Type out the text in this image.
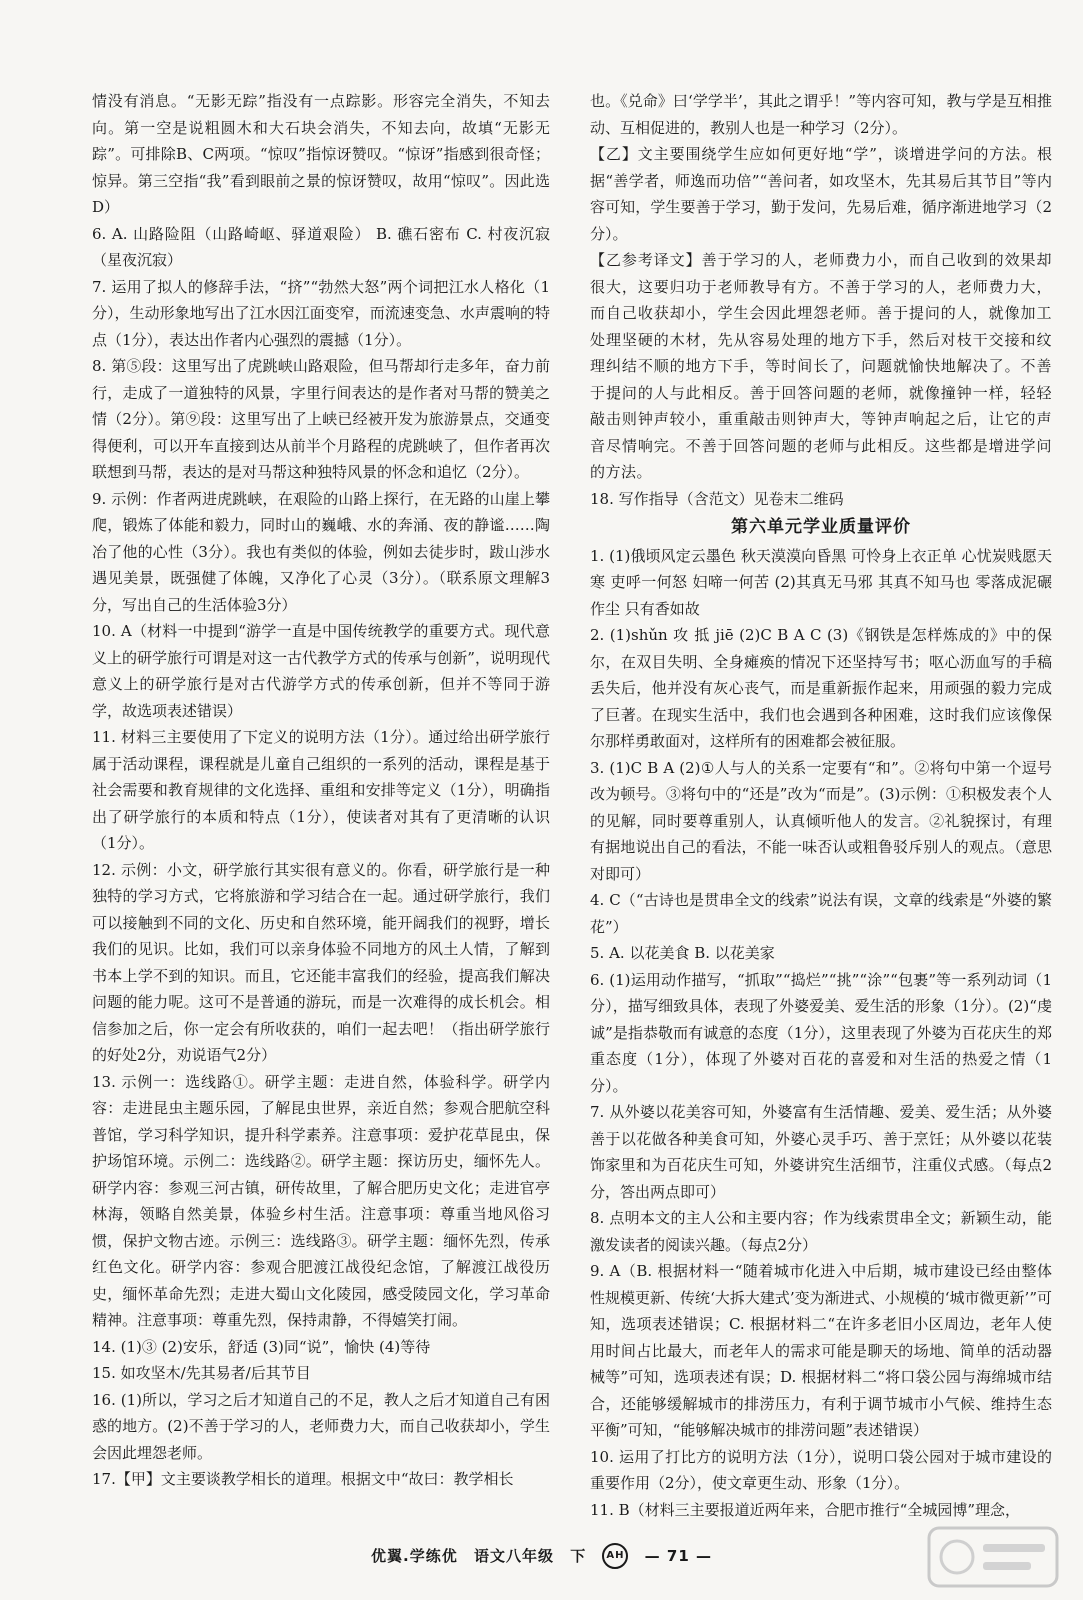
情没有消息。“无影无踪”指没有一点踪影。形容完全消失，不知去向。第一空是说粗圆木和大石块会消失，不知去向，故填“无影无踪”。可排除B、C两项。“惊叹”指惊讶赞叹。“惊讶”指感到很奇怪；惊异。第三空指“我”看到眼前之景的惊讶赞叹，故用“惊叹”。因此选D）

6. A. 山路险阻（山路崎岖、驿道艰险） B. 礁石密布 C. 村夜沉寂（星夜沉寂）

7. 运用了拟人的修辞手法，“挤”“勃然大怒”两个词把江水人格化（1分），生动形象地写出了江水因江面变窄，而流速变急、水声震响的特点（1分），表达出作者内心强烈的震撼（1分）。

8. 第⑤段：这里写出了虎跳峡山路艰险，但马帮却行走多年，奋力前行，走成了一道独特的风景，字里行间表达的是作者对马帮的赞美之情（2分）。第⑨段：这里写出了上峡已经被开发为旅游景点，交通变得便利，可以开车直接到达从前半个月路程的虎跳峡了，但作者再次联想到马帮，表达的是对马帮这种独特风景的怀念和追忆（2分）。

9. 示例：作者两进虎跳峡，在艰险的山路上探行，在无路的山崖上攀爬，锻炼了体能和毅力，同时山的巍峨、水的奔涌、夜的静谧……陶冶了他的心性（3分）。我也有类似的体验，例如去徒步时，跋山涉水遇见美景，既强健了体魄，又净化了心灵（3分）。（联系原文理解3分，写出自己的生活体验3分）

10. A（材料一中提到“游学一直是中国传统教学的重要方式。现代意义上的研学旅行可谓是对这一古代教学方式的传承与创新”，说明现代意义上的研学旅行是对古代游学方式的传承创新，但并不等同于游学，故选项表述错误）

11. 材料三主要使用了下定义的说明方法（1分）。通过给出研学旅行属于活动课程，课程就是儿童自己组织的一系列的活动，课程是基于社会需要和教育规律的文化选择、重组和安排等定义（1分），明确指出了研学旅行的本质和特点（1分），使读者对其有了更清晰的认识（1分）。

12. 示例：小文，研学旅行其实很有意义的。你看，研学旅行是一种独特的学习方式，它将旅游和学习结合在一起。通过研学旅行，我们可以接触到不同的文化、历史和自然环境，能开阔我们的视野，增长我们的见识。比如，我们可以亲身体验不同地方的风土人情，了解到书本上学不到的知识。而且，它还能丰富我们的经验，提高我们解决问题的能力呢。这可不是普通的游玩，而是一次难得的成长机会。相信参加之后，你一定会有所收获的，咱们一起去吧！（指出研学旅行的好处2分，劝说语气2分）

13. 示例一：选线路①。研学主题：走进自然，体验科学。研学内容：走进昆虫主题乐园，了解昆虫世界，亲近自然；参观合肥航空科普馆，学习科学知识，提升科学素养。注意事项：爱护花草昆虫，保护场馆环境。示例二：选线路②。研学主题：探访历史，缅怀先人。研学内容：参观三河古镇，研传故里，了解合肥历史文化；走进官亭林海，领略自然美景，体验乡村生活。注意事项：尊重当地风俗习惯，保护文物古迹。示例三：选线路③。研学主题：缅怀先烈，传承红色文化。研学内容：参观合肥渡江战役纪念馆，了解渡江战役历史，缅怀革命先烈；走进大蜀山文化陵园，感受陵园文化，学习革命精神。注意事项：尊重先烈，保持肃静，不得嬉笑打闹。

14. (1)③ (2)安乐，舒适 (3)同“说”，愉快 (4)等待

15. 如攻坚木/先其易者/后其节目

16. (1)所以，学习之后才知道自己的不足，教人之后才知道自己有困惑的地方。(2)不善于学习的人，老师费力大，而自己收获却小，学生会因此埋怨老师。

17.【甲】文主要谈教学相长的道理。根据文中“故曰：教学相长

也。《兑命》曰‘学学半’，其此之谓乎！”等内容可知，教与学是互相推动、互相促进的，教别人也是一种学习（2分）。

【乙】文主要围绕学生应如何更好地“学”，谈增进学问的方法。根据“善学者，师逸而功倍”“善问者，如攻坚木，先其易后其节目”等内容可知，学生要善于学习，勤于发问，先易后难，循序渐进地学习（2分）。

【乙参考译文】善于学习的人，老师费力小，而自己收到的效果却很大，这要归功于老师教导有方。不善于学习的人，老师费力大，而自己收获却小，学生会因此埋怨老师。善于提问的人，就像加工处理坚硬的木材，先从容易处理的地方下手，然后对枝干交接和纹理纠结不顺的地方下手，等时间长了，问题就愉快地解决了。不善于提问的人与此相反。善于回答问题的老师，就像撞钟一样，轻轻敲击则钟声较小，重重敲击则钟声大，等钟声响起之后，让它的声音尽情响完。不善于回答问题的老师与此相反。这些都是增进学问的方法。

18. 写作指导（含范文）见卷末二维码

第六单元学业质量评价

1. (1)俄顷风定云墨色 秋天漠漠向昏黑 可怜身上衣正单 心忧炭贱愿天寒 吏呼一何怒 妇啼一何苦 (2)其真无马邪 其真不知马也 零落成泥碾作尘 只有香如故

2. (1)shǔn 攻 抵 jiē (2)C B A C (3)《钢铁是怎样炼成的》中的保尔，在双目失明、全身瘫痪的情况下还坚持写书；呕心沥血写的手稿丢失后，他并没有灰心丧气，而是重新振作起来，用顽强的毅力完成了巨著。在现实生活中，我们也会遇到各种困难，这时我们应该像保尔那样勇敢面对，这样所有的困难都会被征服。

3. (1)C B A (2)①人与人的关系一定要有“和”。②将句中第一个逗号改为顿号。③将句中的“还是”改为“而是”。(3)示例：①积极发表个人的见解，同时要尊重别人，认真倾听他人的发言。②礼貌探讨，有理有据地说出自己的看法，不能一味否认或粗鲁驳斥别人的观点。（意思对即可）

4. C（“古诗也是贯串全文的线索”说法有误，文章的线索是“外婆的繁花”）

5. A. 以花美食 B. 以花美家

6. (1)运用动作描写，“抓取”“捣烂”“挑”“涂”“包裹”等一系列动词（1分），描写细致具体，表现了外婆爱美、爱生活的形象（1分）。(2)“虔诚”是指恭敬而有诚意的态度（1分），这里表现了外婆为百花庆生的郑重态度（1分），体现了外婆对百花的喜爱和对生活的热爱之情（1分）。

7. 从外婆以花美容可知，外婆富有生活情趣、爱美、爱生活；从外婆善于以花做各种美食可知，外婆心灵手巧、善于烹饪；从外婆以花装饰家里和为百花庆生可知，外婆讲究生活细节，注重仪式感。（每点2分，答出两点即可）

8. 点明本文的主人公和主要内容；作为线索贯串全文；新颖生动，能激发读者的阅读兴趣。（每点2分）

9. A（B. 根据材料一“随着城市化进入中后期，城市建设已经由整体性规模更新、传统‘大拆大建式’变为渐进式、小规模的‘城市微更新’”可知，选项表述错误；C. 根据材料二“在许多老旧小区周边，老年人使用时间占比最大，而老年人的需求可能是聊天的场地、简单的活动器械等”可知，选项表述有误；D. 根据材料二“将口袋公园与海绵城市结合，还能够缓解城市的排涝压力，有利于调节城市小气候、维持生态平衡”可知，“能够解决城市的排涝问题”表述错误）

10. 运用了打比方的说明方法（1分），说明口袋公园对于城市建设的重要作用（2分），使文章更生动、形象（1分）。

11. B（材料三主要报道近两年来，合肥市推行“全城园博”理念，

优翼.学练优 语文八年级 下 AH — 71 —
